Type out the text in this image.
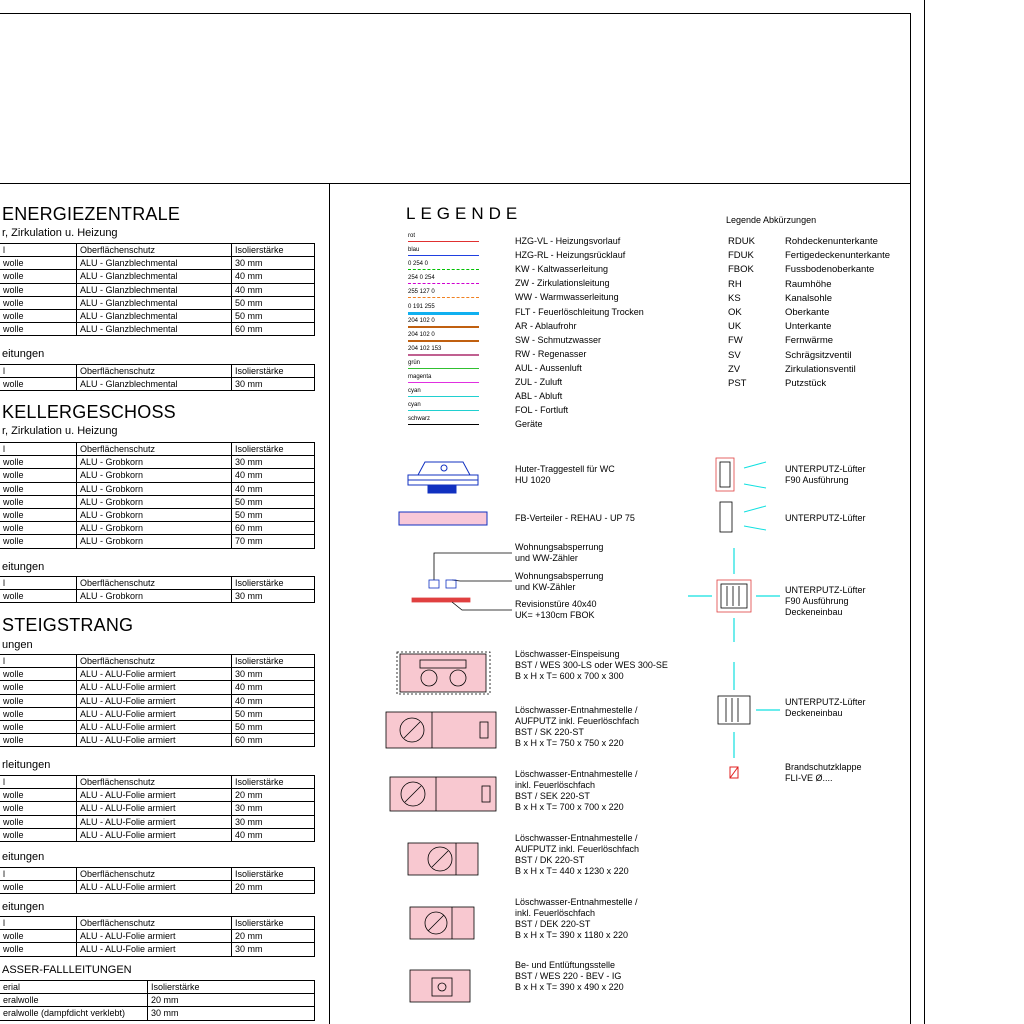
ENERGIEZENTRALE
r, Zirkulation u. Heizung
l	Oberflächenschutz	Isolierstärke
wolle	ALU - Glanzblechmental	30 mm
wolle	ALU - Glanzblechmental	40 mm
wolle	ALU - Glanzblechmental	40 mm
wolle	ALU - Glanzblechmental	50 mm
wolle	ALU - Glanzblechmental	50 mm
wolle	ALU - Glanzblechmental	60 mm
eitungen
l	Oberflächenschutz	Isolierstärke
wolle	ALU - Glanzblechmental	30 mm
KELLERGESCHOSS
r, Zirkulation u. Heizung
l	Oberflächenschutz	Isolierstärke
wolle	ALU - Grobkorn	30 mm
wolle	ALU - Grobkorn	40 mm
wolle	ALU - Grobkorn	40 mm
wolle	ALU - Grobkorn	50 mm
wolle	ALU - Grobkorn	50 mm
wolle	ALU - Grobkorn	60 mm
wolle	ALU - Grobkorn	70 mm
eitungen
l	Oberflächenschutz	Isolierstärke
wolle	ALU - Grobkorn	30 mm
STEIGSTRANG
ungen
l	Oberflächenschutz	Isolierstärke
wolle	ALU - ALU-Folie armiert	30 mm
wolle	ALU - ALU-Folie armiert	40 mm
wolle	ALU - ALU-Folie armiert	40 mm
wolle	ALU - ALU-Folie armiert	50 mm
wolle	ALU - ALU-Folie armiert	50 mm
wolle	ALU - ALU-Folie armiert	60 mm
rleitungen
l	Oberflächenschutz	Isolierstärke
wolle	ALU - ALU-Folie armiert	20 mm
wolle	ALU - ALU-Folie armiert	30 mm
wolle	ALU - ALU-Folie armiert	30 mm
wolle	ALU - ALU-Folie armiert	40 mm
eitungen
l	Oberflächenschutz	Isolierstärke
wolle	ALU - ALU-Folie armiert	20 mm
eitungen
l	Oberflächenschutz	Isolierstärke
wolle	ALU - ALU-Folie armiert	20 mm
wolle	ALU - ALU-Folie armiert	30 mm
ASSER-FALLLEITUNGEN
erial	Isolierstärke
eralwolle	20 mm
eralwolle (dampfdicht verklebt)	30 mm
LEGENDE	Legende Abkürzungen
rot	HZG-VL - Heizungsvorlauf
blau	HZG-RL - Heizungsrücklauf
0 254 0	KW - Kaltwasserleitung
254 0 254	ZW - Zirkulationsleitung
255 127 0	WW - Warmwasserleitung
0 191 255	FLT - Feuerlöschleitung Trocken
204 102 0	AR - Ablaufrohr
204 102 0	SW - Schmutzwasser
204 102 153	RW - Regenasser
grün	AUL - Aussenluft
magenta	ZUL - Zuluft
cyan	ABL - Abluft
cyan	FOL - Fortluft
schwarz	Geräte
RDUK	Rohdeckenunterkante
FDUK	Fertigedeckenunterkante
FBOK	Fussbodenoberkante
RH	Raumhöhe
KS	Kanalsohle
OK	Oberkante
UK	Unterkante
FW	Fernwärme
SV	Schrägsitzventil
ZV	Zirkulationsventil
PST	Putzstück
Huter-Traggestell für WC
HU 1020
FB-Verteiler - REHAU - UP 75
Wohnungsabsperrung
und WW-Zähler
Wohnungsabsperrung
und KW-Zähler
Revisionstüre 40x40
UK= +130cm FBOK
Löschwasser-Einspeisung
BST / WES 300-LS oder WES 300-SE
B x H x T= 600 x 700 x 300
Löschwasser-Entnahmestelle /
AUFPUTZ inkl. Feuerlöschfach
BST / SK 220-ST
B x H x T= 750 x 750 x 220
Löschwasser-Entnahmestelle /
inkl. Feuerlöschfach
BST / SEK 220-ST
B x H x T= 700 x 700 x 220
Löschwasser-Entnahmestelle /
AUFPUTZ inkl. Feuerlöschfach
BST / DK 220-ST
B x H x T= 440 x 1230 x 220
Löschwasser-Entnahmestelle /
inkl. Feuerlöschfach
BST / DEK 220-ST
B x H x T= 390 x 1180 x 220
Be- und Entlüftungsstelle
BST / WES 220 - BEV - IG
B x H x T= 390 x 490 x 220
UNTERPUTZ-Lüfter
F90 Ausführung
UNTERPUTZ-Lüfter
UNTERPUTZ-Lüfter
F90 Ausführung
Deckeneinbau
UNTERPUTZ-Lüfter
Deckeneinbau
Brandschutzklappe
FLI-VE Ø....
